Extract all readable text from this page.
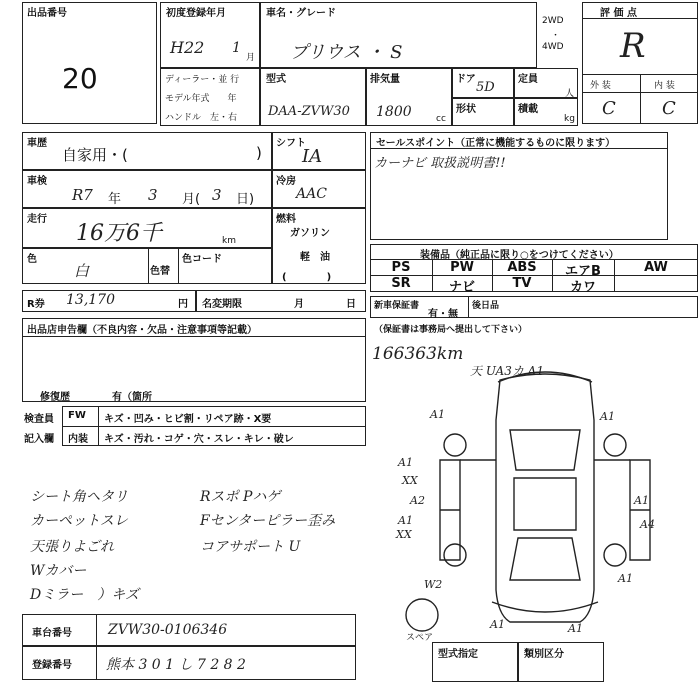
出品番号
20
初度登録年月
H22 1
月
車名・グレード
プリウス ・ S
2WD
・
4WD
評 価 点
R
外 装	内 装
C	C
ディーラー・並 行
モデル年式　　年
ハンドル　左・右
型式
DAA-ZVW30
排気量
1800	cc
ドア
5D
定員
人
形状	積載
kg
車歴
自家用・(	)
車検
R7 年 3 月( 3 日)
走行
16万6千	km
色
白	色替
色コード
シフト
IA
冷房
AAC
燃料
ガソリン
軽　油
(　　　　)
R券 13,170	円 名変期限	月	日
セールスポイント（正常に機能するものに限ります）
カーナビ 取扱説明書!!
装備品（純正品に限り○をつけてください）
PS	PW	ABS	エアB	AW
SR	ナビ	TV	カワ
新車保証書
有・無
後日品
（保証書は事務局へ提出して下さい）
166363km
出品店申告欄（不良内容・欠品・注意事項等記載）
修復歴	有（箇所
検査員
記入欄
FW キズ・凹み・ヒビ割・リペア跡・X要
内装 キズ・汚れ・コゲ・穴・スレ・キレ・破レ
シート角ヘタリ
カーペットスレ
天張りよごれ
Wカバー
Dミラー　）キズ
Rスポ Pハゲ
Fセンターピラー歪み
コアサポート U
天 UA3カ A1
A1	A1
A1
XX
A2
A1
XX
A1
A1
A1	A1
W2
A4
スペア
車台番号	ZVW30-0106346
登録番号 熊本 3 0 1 し 7 2 8 2
型式指定	類別区分
